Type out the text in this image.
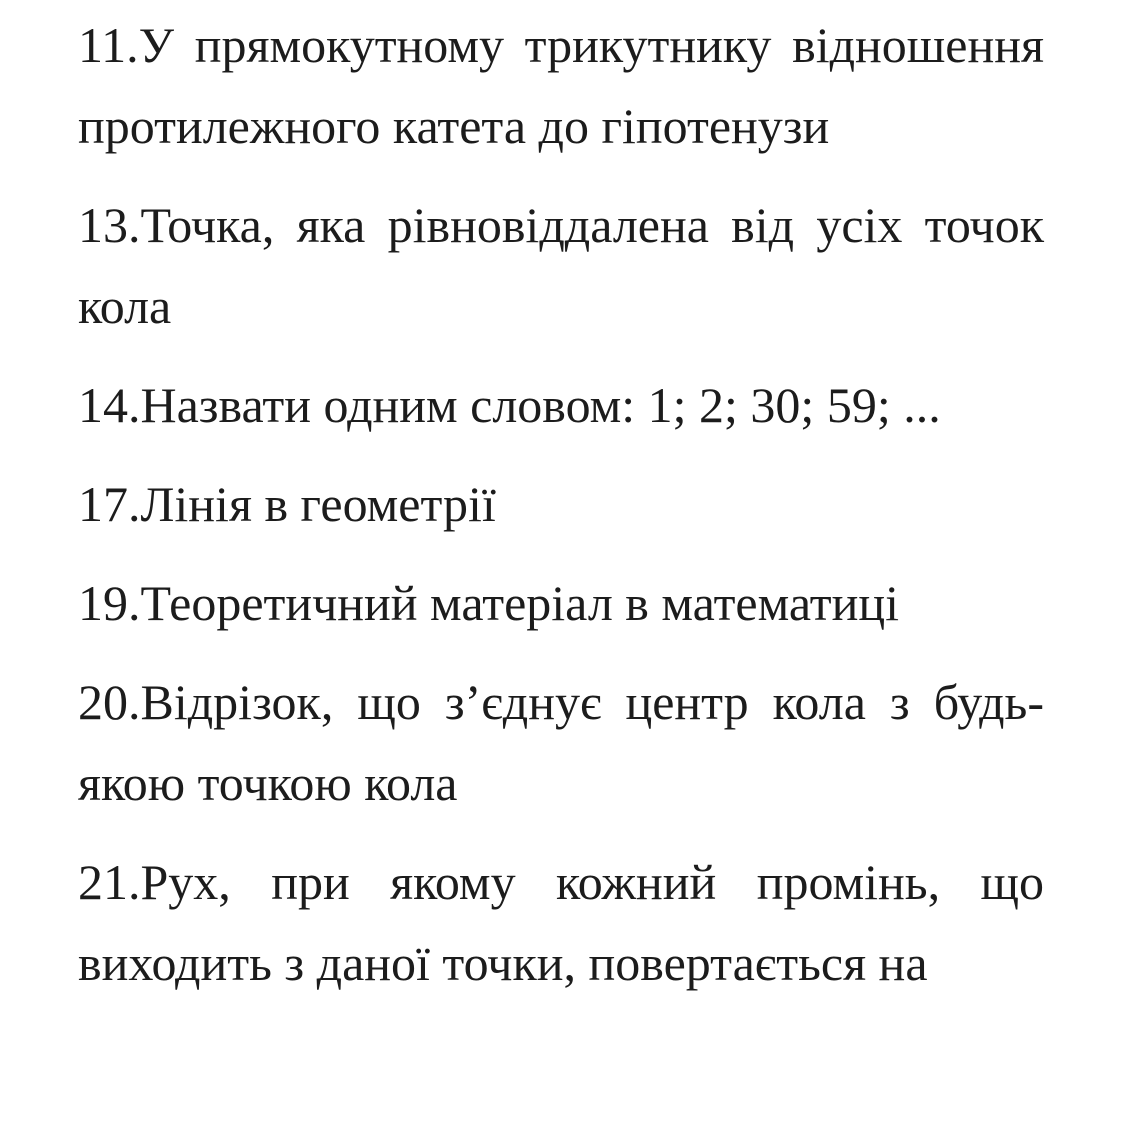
11.У прямокутному трикутнику відношення протилежного катета до гіпотенузи

13.Точка, яка рівновіддалена від усіх точок кола

14.Назвати одним словом: 1; 2; 30; 59; ...

17.Лінія в геометрії

19.Теоретичний матеріал в математиці

20.Відрізок, що з’єднує центр кола з будь-якою точкою кола

21.Рух, при якому кожний промінь, що виходить з даної точки, повертається на
